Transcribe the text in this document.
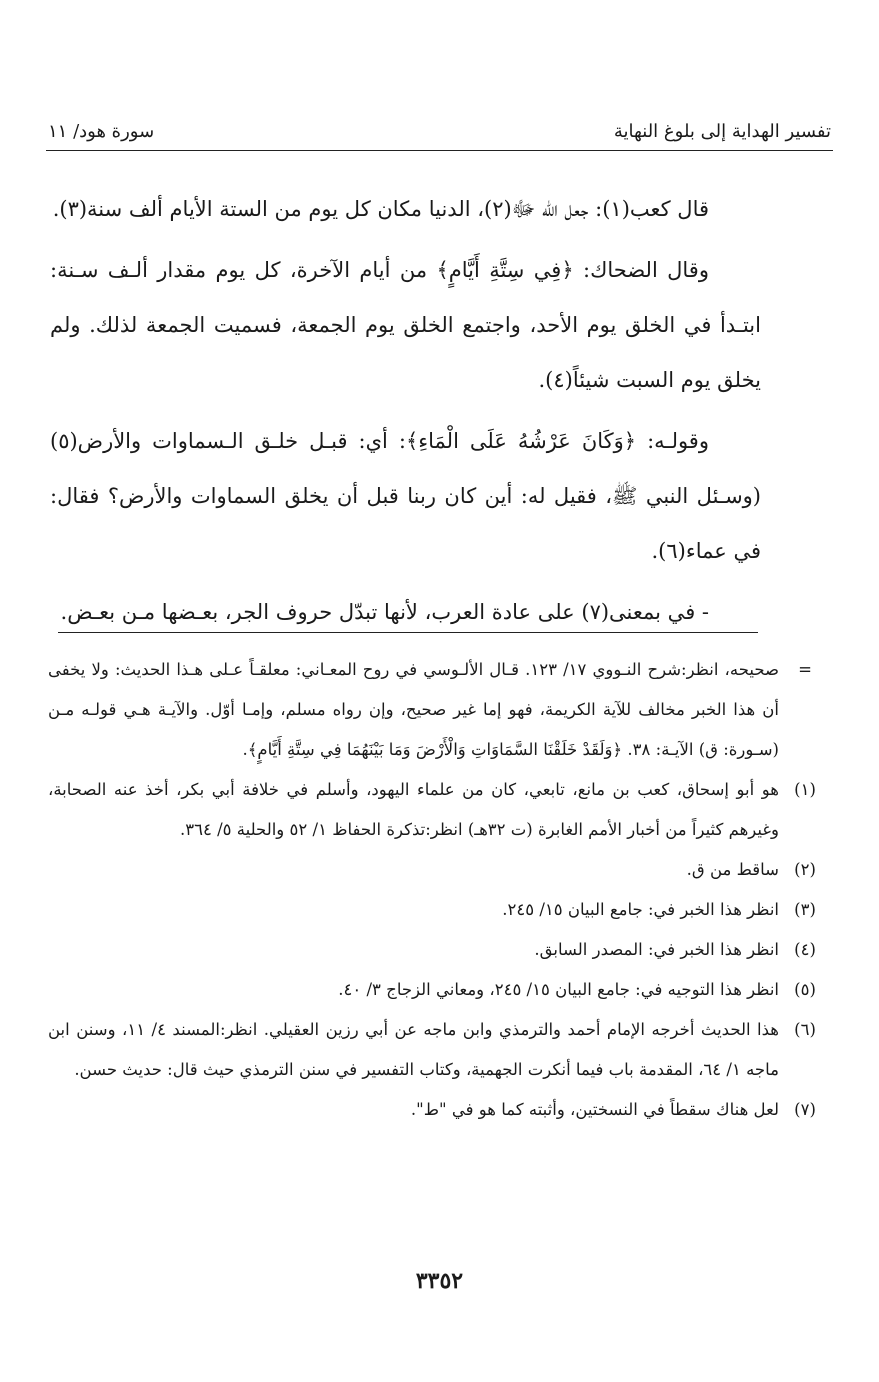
تفسير الهداية إلى بلوغ النهاية
سورة هود/ ١١

قال كعب(١): جعل الله ﷻ(٢)، الدنيا مكان كل يوم من الستة الأيام ألف سنة(٣).

وقال الضحاك: ﴿فِي سِتَّةِ أَيَّامٍ﴾ من أيام الآخرة، كل يوم مقدار ألـف سـنة: ابتـدأ في الخلق يوم الأحد، واجتمع الخلق يوم الجمعة، فسميت الجمعة لذلك. ولم يخلق يوم السبت شيئاً(٤).

وقولـه: ﴿وَكَانَ عَرْشُهُ عَلَى الْمَاءِ﴾: أي: قبـل خلـق الـسماوات والأرض(٥) (وسـئل النبي ﷺ، فقيل له: أين كان ربنا قبل أن يخلق السماوات والأرض؟ فقال: في عماء(٦).

- في بمعنى(٧) على عادة العرب، لأنها تبدّل حروف الجر، بعـضها مـن بعـض.

=
صحيحه، انظر:شرح النـووي ١٧/ ١٢٣. قـال الألـوسي في روح المعـاني: معلقـاً عـلى هـذا الحديث: ولا يخفى أن هذا الخبر مخالف للآية الكريمة، فهو إما غير صحيح، وإن رواه مسلم، وإمـا أوّل. والآيـة هـي قولـه مـن (سـورة: ق) الآيـة: ٣٨. ﴿وَلَقَدْ خَلَقْنَا السَّمَاوَاتِ وَالْأَرْضَ وَمَا بَيْنَهُمَا فِي سِتَّةِ أَيَّامٍ﴾.
(١)
هو أبو إسحاق، كعب بن مانع، تابعي، كان من علماء اليهود، وأسلم في خلافة أبي بكر، أخذ عنه الصحابة، وغيرهم كثيراً من أخبار الأمم الغابرة (ت ٣٢هـ) انظر:تذكرة الحفاظ ١/ ٥٢ والحلية ٥/ ٣٦٤.
(٢)
ساقط من ق.
(٣)
انظر هذا الخبر في: جامع البيان ١٥/ ٢٤٥.
(٤)
انظر هذا الخبر في: المصدر السابق.
(٥)
انظر هذا التوجيه في: جامع البيان ١٥/ ٢٤٥، ومعاني الزجاج ٣/ ٤٠.
(٦)
هذا الحديث أخرجه الإمام أحمد والترمذي وابن ماجه عن أبي رزين العقيلي. انظر:المسند ٤/ ١١، وسنن ابن ماجه ١/ ٦٤، المقدمة باب فيما أنكرت الجهمية، وكتاب التفسير في سنن الترمذي حيث قال: حديث حسن.
(٧)
لعل هناك سقطاً في النسختين، وأثبته كما هو في "ط".
٣٣٥٢
